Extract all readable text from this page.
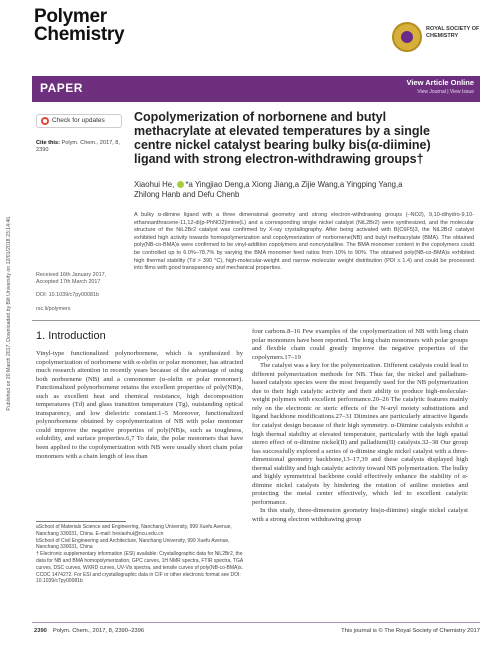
Published on 20 March 2017. Downloaded by Bilt University on 12/01/2018 23:14:46.
Polymer
Chemistry	ROYAL SOCIETY OF CHEMISTRY
PAPER	View Article Online
View Journal | View Issue
Check for updates
Cite this: Polym. Chem., 2017, 8, 2390
Copolymerization of norbornene and butyl methacrylate at elevated temperatures by a single centre nickel catalyst bearing bulky bis(α-diimine) ligand with strong electron-withdrawing groups†
Xiaohui He, *a Yingjiao Deng,a Xiong Jiang,a Zijie Wang,a Yingping Yang,a
Zhilong Hanb and Defu Chenb
A bulky α-diimine ligand with a three dimensional geometry and strong electron-withdrawing groups (–NO2), 9,10-dihydro-9,10-ethanoanthracene-11,12-di(p-PhNO2)imine(L) and a corresponding single nickel catalyst (NiL2Br2) were synthesized, and the molecular structure of the NiL2Br2 catalyst was confirmed by X-ray crystallography. After being activated with B(C6F5)3, the NiL2Br2 catalyst exhibited high activity towards homopolymerization and copolymerization of norbornene(NB) and butyl methacrylate (BMA). The obtained poly(NB-co-BMA)s were confirmed to be vinyl-addition copolymers and noncrystalline. The BMA monomer content in the copolymers could be controlled up to 6.0%–78.7% by varying the BMA monomer feed ratios from 10% to 90%. The obtained poly(NB-co-BMA)s exhibited high thermal stability (Td > 390 °C), high-molecular-weight and narrow molecular weight distribution (PDI ≤ 1.4) and could be processed into films with good transparency and mechanical properties.
Received 16th January 2017,
Accepted 17th March 2017
DOI: 10.1039/c7py00081b
rsc.li/polymers
1. Introduction
Vinyl-type functionalized polynorbornene, which is synthesized by copolymerization of norbornene with α-olefin or polar monomer, has attracted much research attention in recently years because of the advantage of using both norbornene (NB) and a comonomer (α-olefin or polar monomer). Functionalized polynorbornene retains the excellent properties of poly(NB)s, such as excellent heat and chemical resistance, high decomposition temperatures (Td) and glass transition temperature (Tg), outstanding optical transparency, and low dielectric constant.1–5 Moreover, functionalized polynorbornene obtained by copolymerization of NB with polar monomer could improve the negative properties of poly(NB)s, such as toughness, solubility, and surface properties.6,7 To date, the polar monomers that have been applied to the copolymerization with NB were usually short chain polar monomers with a chain length of less than
four carbons.8–16 Few examples of the copolymerization of NB with long chain polar monomers have been reported. The long chain monomers with polar groups and flexible chain could greatly improve the negative properties of the copolymers.17–19
The catalyst was a key for the polymerization. Different catalysts could lead to different polymerization methods for NB. Thus far, the nickel and palladium-based catalysts species were the most frequently used for the NB polymerization due to their high catalytic activity and their ability to produce high-molecular-weight polymers with excellent performance.20–26 The catalytic features mainly rely on the electronic or steric effects of the N-aryl moiety substitutions and ligand backbone modifications.27–31 Diimines are particularly attractive ligands for catalyst design because of their high symmetry. α-Diimine catalysts exhibit a high thermal stability at elevated temperature, particularly with the high spatial stereo effect of α-diimine nickel(II) and palladium(II) catalysts.32–38 Our group has successfully explored a series of α-diimine single nickel catalyst with a three-dimensional geometry backbone,13–17,39 and these catalysts displayed high thermal stability and high catalytic activity toward NB polymerization. The bulky and highly symmetrical backbone could effectively enhance the stability of α-diimine nickel catalysts by hindering the rotation of aniline moieties and protecting the metal center effectively, which led to excellent catalytic performance.
In this study, three-dimension geometry bis(α-diimine) single nickel catalyst with a strong electron withdrawing group
aSchool of Materials Science and Engineering, Nanchang University, 999 Xuefu Avenue, Nanchang 330031, China. E-mail: hexiaohui@ncu.edu.cn
bSchool of Civil Engineering and Architecture, Nanchang University, 999 Xuefu Avenue, Nanchang 330031, China
† Electronic supplementary information (ESI) available: Crystallographic data for NiL2Br2, the data for NB and BMA homopolymerization, GPC curves, 1H NMR spectra, FTIR spectra, TGA curves, DSC curves, WXRD curves, UV-Vis spectra, and tensile curves of poly(NB-co-BMA)s. CCDC 1474272. For ESI and crystallographic data in CIF or other electronic format see DOI: 10.1039/c7py00081b
2390 Polym. Chem., 2017, 8, 2390–2396	This journal is © The Royal Society of Chemistry 2017
